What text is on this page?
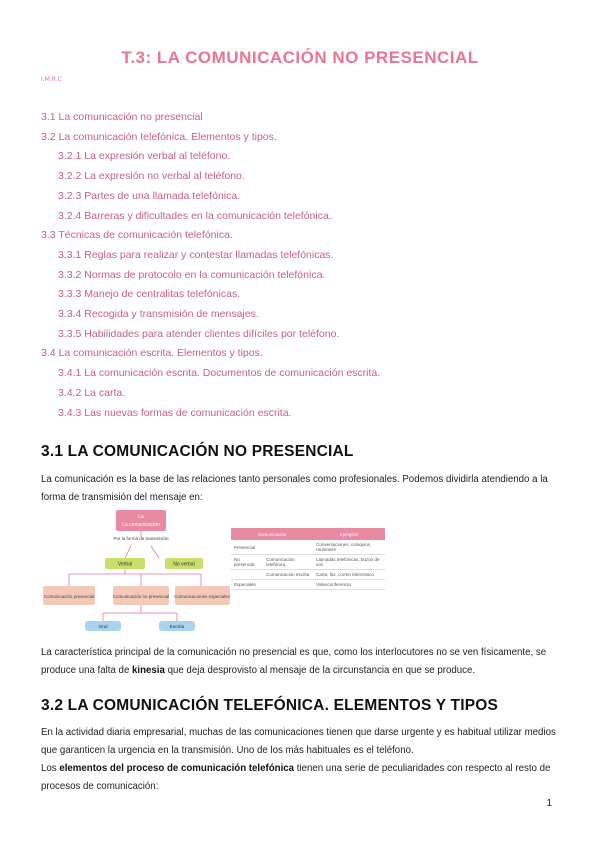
T.3: LA COMUNICACIÓN NO PRESENCIAL
I.M.R.C
3.1 La comunicación no presencial
3.2 La comunicación telefónica. Elementos y tipos.
3.2.1 La expresión verbal al teléfono.
3.2.2 La expresión no verbal al teléfono.
3.2.3 Partes de una llamada telefónica.
3.2.4 Barreras y dificultades en la comunicación telefónica.
3.3 Técnicas de comunicación telefónica.
3.3.1 Reglas para realizar y contestar llamadas telefónicas.
3.3.2 Normas de protocolo en la comunicación telefónica.
3.3.3 Manejo de centralitas telefónicas.
3.3.4 Recogida y transmisión de mensajes.
3.3.5 Habilidades para atender clientes difíciles por teléfono.
3.4 La comunicación escrita. Elementos y tipos.
3.4.1 La comunicación escrita. Documentos de comunicación escrita.
3.4.2 La carta.
3.4.3 Las nuevas formas de comunicación escrita.
3.1 LA COMUNICACIÓN NO PRESENCIAL

La comunicación es la base de las relaciones tanto personales como profesionales. Podemos dividirla atendiendo a la forma de transmisión del mensaje en:

La
La comunicación
Por la forma de transmisión
Verbal	No verbal
Comunicación presencial	Comunicación no presencial Comunicaciones especiales
Oral	Escrita
Comunicación		Ejemplos
Presencial		Conversaciones, coloquios, reuniones
No presencial	Comunicación telefónica	Llamadas telefónicas, buzón de voz
	Comunicación escrita	Carta, fax, correo electrónico
Especiales		Videoconferencia

La característica principal de la comunicación no presencial es que, como los interlocutores no se ven físicamente, se produce una falta de kinesia que deja desprovisto al mensaje de la circunstancia en que se produce.

3.2 LA COMUNICACIÓN TELEFÓNICA. ELEMENTOS Y TIPOS

En la actividad diaria empresarial, muchas de las comunicaciones tienen que darse urgente y es habitual utilizar medios que garanticen la urgencia en la transmisión. Uno de los más habituales es el teléfono.

Los elementos del proceso de comunicación telefónica tienen una serie de peculiaridades con respecto al resto de procesos de comunicación:

1
